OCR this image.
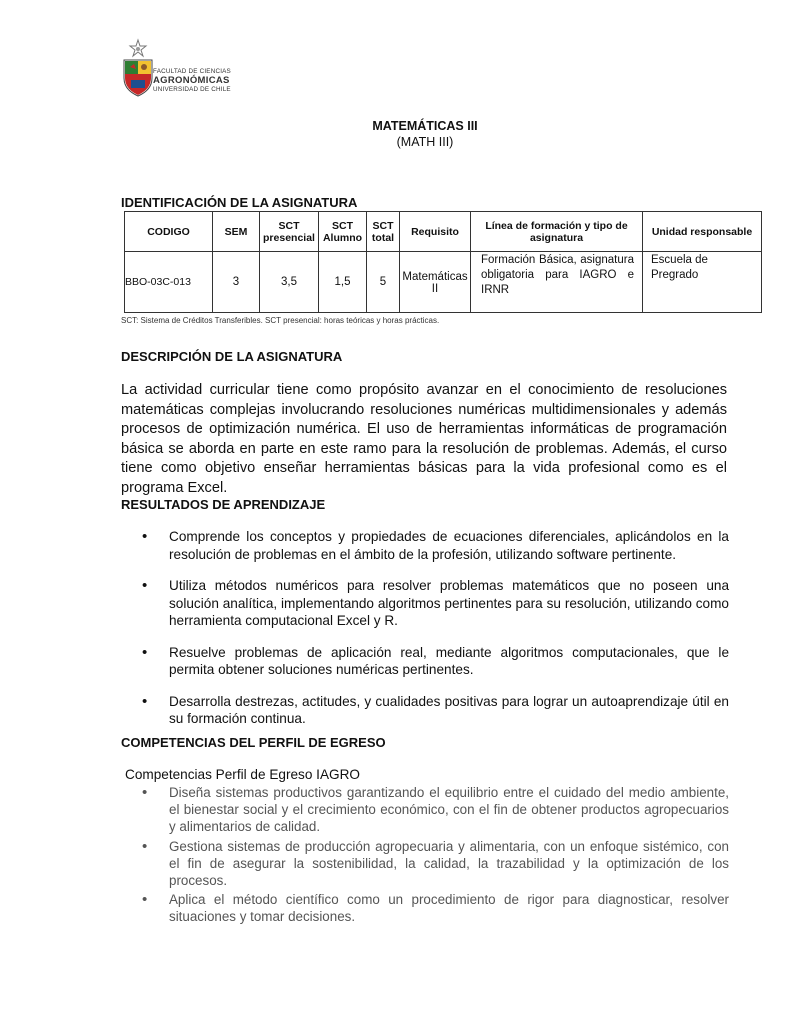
FACULTAD DE CIENCIAS
AGRONÓMICAS
UNIVERSIDAD DE CHILE
MATEMÁTICAS III
(MATH III)
IDENTIFICACIÓN DE LA ASIGNATURA
CODIGO	SEM	SCT presencial	SCT Alumno	SCT total	Requisito	Línea de formación y tipo de asignatura	Unidad responsable
BBO-03C-013	3	3,5	1,5	5	Matemáticas II	Formación Básica, asignatura obligatoria para IAGRO e IRNR	Escuela de Pregrado
SCT: Sistema de Créditos Transferibles. SCT presencial: horas teóricas y horas prácticas.
DESCRIPCIÓN DE LA ASIGNATURA
La actividad curricular tiene como propósito avanzar en el conocimiento de resoluciones matemáticas complejas involucrando resoluciones numéricas multidimensionales y además procesos de optimización numérica. El uso de herramientas informáticas de programación básica se aborda en parte en este ramo para la resolución de problemas. Además, el curso tiene como objetivo enseñar herramientas básicas para la vida profesional como es el programa Excel.
RESULTADOS DE APRENDIZAJE
• Comprende los conceptos y propiedades de ecuaciones diferenciales, aplicándolos en la resolución de problemas en el ámbito de la profesión, utilizando software pertinente.
• Utiliza métodos numéricos para resolver problemas matemáticos que no poseen una solución analítica, implementando algoritmos pertinentes para su resolución, utilizando como herramienta computacional Excel y R.
• Resuelve problemas de aplicación real, mediante algoritmos computacionales, que le permita obtener soluciones numéricas pertinentes.
• Desarrolla destrezas, actitudes, y cualidades positivas para lograr un autoaprendizaje útil en su formación continua.
COMPETENCIAS DEL PERFIL DE EGRESO
Competencias Perfil de Egreso IAGRO
• Diseña sistemas productivos garantizando el equilibrio entre el cuidado del medio ambiente, el bienestar social y el crecimiento económico, con el fin de obtener productos agropecuarios y alimentarios de calidad.
• Gestiona sistemas de producción agropecuaria y alimentaria, con un enfoque sistémico, con el fin de asegurar la sostenibilidad, la calidad, la trazabilidad y la optimización de los procesos.
• Aplica el método científico como un procedimiento de rigor para diagnosticar, resolver situaciones y tomar decisiones.
